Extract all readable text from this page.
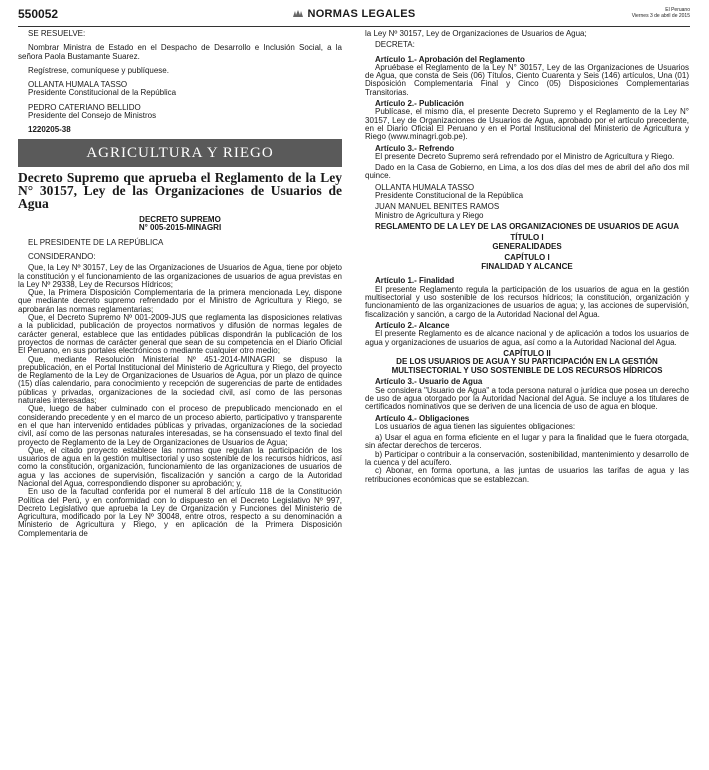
550052	NORMAS LEGALES	El Peruano
Viernes 3 de abril de 2015

SE RESUELVE:

Nombrar Ministra de Estado en el Despacho de Desarrollo e Inclusión Social, a la señora Paola Bustamante Suarez.

Regístrese, comuníquese y publíquese.

OLLANTA HUMALA TASSO

Presidente Constitucional de la República

PEDRO CATERIANO BELLIDO

Presidente del Consejo de Ministros

1220205-38

AGRICULTURA Y RIEGO

Decreto Supremo que aprueba el Reglamento de la Ley N° 30157, Ley de las Organizaciones de Usuarios de Agua

DECRETO SUPREMO

N° 005-2015-MINAGRI

EL PRESIDENTE DE LA REPÚBLICA

CONSIDERANDO:

Que, la Ley Nº 30157, Ley de las Organizaciones de Usuarios de Agua, tiene por objeto la constitución y el funcionamiento de las organizaciones de usuarios de agua previstas en la Ley Nº 29338, Ley de Recursos Hídricos;

Que, la Primera Disposición Complementaria de la primera mencionada Ley, dispone que mediante decreto supremo refrendado por el Ministro de Agricultura y Riego, se aprobarán las normas reglamentarias;

Que, el Decreto Supremo Nº 001-2009-JUS que reglamenta las disposiciones relativas a la publicidad, publicación de proyectos normativos y difusión de normas legales de carácter general, establece que las entidades públicas dispondrán la publicación de los proyectos de normas de carácter general que sean de su competencia en el Diario Oficial El Peruano, en sus portales electrónicos o mediante cualquier otro medio;

Que, mediante Resolución Ministerial Nº 451-2014-MINAGRI se dispuso la prepublicación, en el Portal Institucional del Ministerio de Agricultura y Riego, del proyecto de Reglamento de la Ley de Organizaciones de Usuarios de Agua, por un plazo de quince (15) días calendario, para conocimiento y recepción de sugerencias de parte de entidades públicas y privadas, organizaciones de la sociedad civil, así como de las personas naturales interesadas;

Que, luego de haber culminado con el proceso de prepublicado mencionado en el considerando precedente y en el marco de un proceso abierto, participativo y transparente en el que han intervenido entidades públicas y privadas, organizaciones de la sociedad civil, así como de las personas naturales interesadas, se ha consensuado el texto final del proyecto de Reglamento de la Ley de Organizaciones de Usuarios de Agua;

Que, el citado proyecto establece las normas que regulan la participación de los usuarios de agua en la gestión multisectorial y uso sostenible de los recursos hídricos, así como la constitución, organización, funcionamiento de las organizaciones de usuarios de agua y las acciones de supervisión, fiscalización y sanción a cargo de la Autoridad Nacional del Agua, correspondiendo disponer su aprobación; y,

En uso de la facultad conferida por el numeral 8 del artículo 118 de la Constitución Política del Perú, y en conformidad con lo dispuesto en el Decreto Legislativo Nº 997, Decreto Legislativo que aprueba la Ley de Organización y Funciones del Ministerio de Agricultura, modificado por la Ley Nº 30048, entre otros, respecto a su denominación a Ministerio de Agricultura y Riego, y en aplicación de la Primera Disposición Complementaria de

la Ley Nº 30157, Ley de Organizaciones de Usuarios de Agua;

DECRETA:

Artículo 1.- Aprobación del Reglamento

Apruébase el Reglamento de la Ley N° 30157, Ley de las Organizaciones de Usuarios de Agua, que consta de Seis (06) Títulos, Ciento Cuarenta y Seis (146) artículos, Una (01) Disposición Complementaria Final y Cinco (05) Disposiciones Complementarias Transitorias.

Artículo 2.- Publicación

Publícase, el mismo día, el presente Decreto Supremo y el Reglamento de la Ley N° 30157, Ley de Organizaciones de Usuarios de Agua, aprobado por el artículo precedente, en el Diario Oficial El Peruano y en el Portal Institucional del Ministerio de Agricultura y Riego (www.minagri.gob.pe).

Artículo 3.- Refrendo

El presente Decreto Supremo será refrendado por el Ministro de Agricultura y Riego.

Dado en la Casa de Gobierno, en Lima, a los dos días del mes de abril del año dos mil quince.

OLLANTA HUMALA TASSO

Presidente Constitucional de la República

JUAN MANUEL BENITES RAMOS

Ministro de Agricultura y Riego

REGLAMENTO DE LA LEY DE LAS ORGANIZACIONES DE USUARIOS DE AGUA

TÍTULO I

GENERALIDADES

CAPÍTULO I

FINALIDAD Y ALCANCE

Artículo 1.- Finalidad

El presente Reglamento regula la participación de los usuarios de agua en la gestión multisectorial y uso sostenible de los recursos hídricos; la constitución, organización y funcionamiento de las organizaciones de usuarios de agua; y, las acciones de supervisión, fiscalización y sanción, a cargo de la Autoridad Nacional del Agua.

Artículo 2.- Alcance

El presente Reglamento es de alcance nacional y de aplicación a todos los usuarios de agua y organizaciones de usuarios de agua, así como a la Autoridad Nacional del Agua.

CAPÍTULO II

DE LOS USUARIOS DE AGUA Y SU PARTICIPACIÓN EN LA GESTIÓN MULTISECTORIAL Y USO SOSTENIBLE DE LOS RECURSOS HÍDRICOS

Artículo 3.- Usuario de Agua

Se considera "Usuario de Agua" a toda persona natural o jurídica que posea un derecho de uso de agua otorgado por la Autoridad Nacional del Agua. Se incluye a los titulares de certificados nominativos que se deriven de una licencia de uso de agua en bloque.

Artículo 4.- Obligaciones

Los usuarios de agua tienen las siguientes obligaciones:

a) Usar el agua en forma eficiente en el lugar y para la finalidad que le fuera otorgada, sin afectar derechos de terceros.

b) Participar o contribuir a la conservación, sostenibilidad, mantenimiento y desarrollo de la cuenca y del acuífero.

c) Abonar, en forma oportuna, a las juntas de usuarios las tarifas de agua y las retribuciones económicas que se establezcan.
